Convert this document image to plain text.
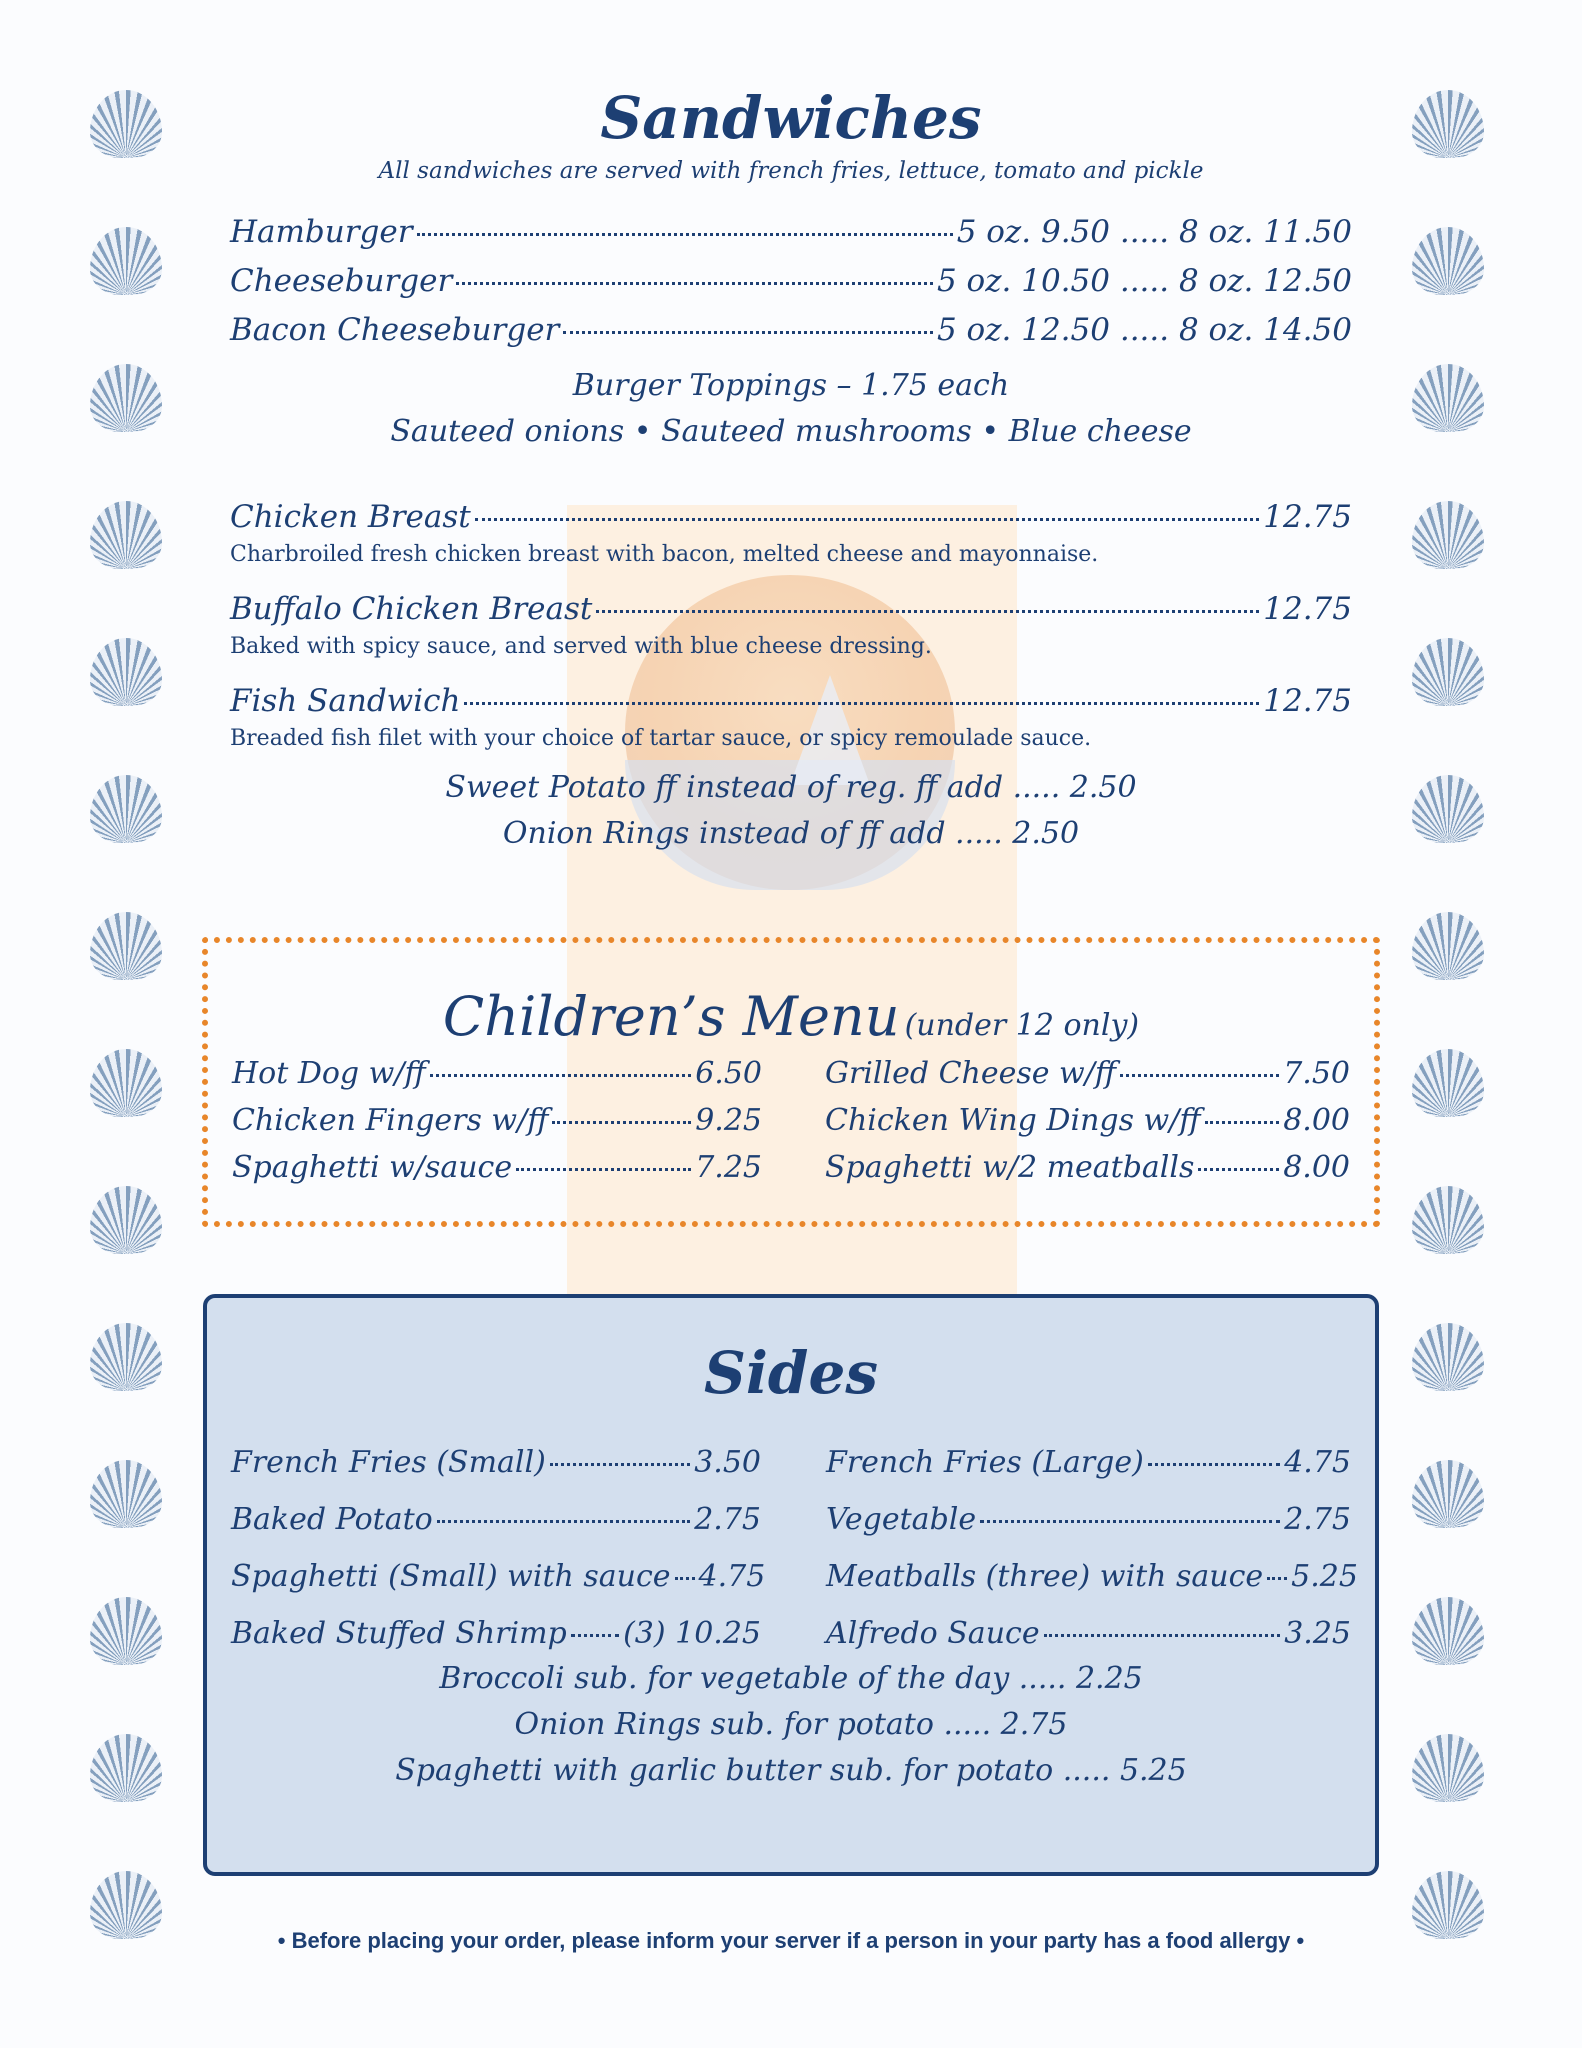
Sandwiches
All sandwiches are served with french fries, lettuce, tomato and pickle
Hamburger	5 oz. 9.50 ..... 8 oz. 11.50
Cheeseburger	5 oz. 10.50 ..... 8 oz. 12.50
Bacon Cheeseburger	5 oz. 12.50 ..... 8 oz. 14.50
Burger Toppings – 1.75 each
Sauteed onions • Sauteed mushrooms • Blue cheese
Chicken Breast	12.75
Charbroiled fresh chicken breast with bacon, melted cheese and mayonnaise.
Buffalo Chicken Breast	12.75
Baked with spicy sauce, and served with blue cheese dressing.
Fish Sandwich	12.75
Breaded fish filet with your choice of tartar sauce, or spicy remoulade sauce.
Sweet Potato ff instead of reg. ff add ..... 2.50
Onion Rings instead of ff add ..... 2.50
Children’s Menu (under 12 only)
Hot Dog w/ff	6.50
Chicken Fingers w/ff	9.25
Spaghetti w/sauce	7.25
Grilled Cheese w/ff	7.50
Chicken Wing Dings w/ff	8.00
Spaghetti w/2 meatballs	8.00
Sides
French Fries (Small)	3.50
Baked Potato	2.75
Spaghetti (Small) with sauce 4.75
Baked Stuffed Shrimp (3) 10.25
French Fries (Large)	4.75
Vegetable	2.75
Meatballs (three) with sauce 5.25
Alfredo Sauce	3.25
Broccoli sub. for vegetable of the day ..... 2.25
Onion Rings sub. for potato ..... 2.75
Spaghetti with garlic butter sub. for potato ..... 5.25
• Before placing your order, please inform your server if a person in your party has a food allergy •
